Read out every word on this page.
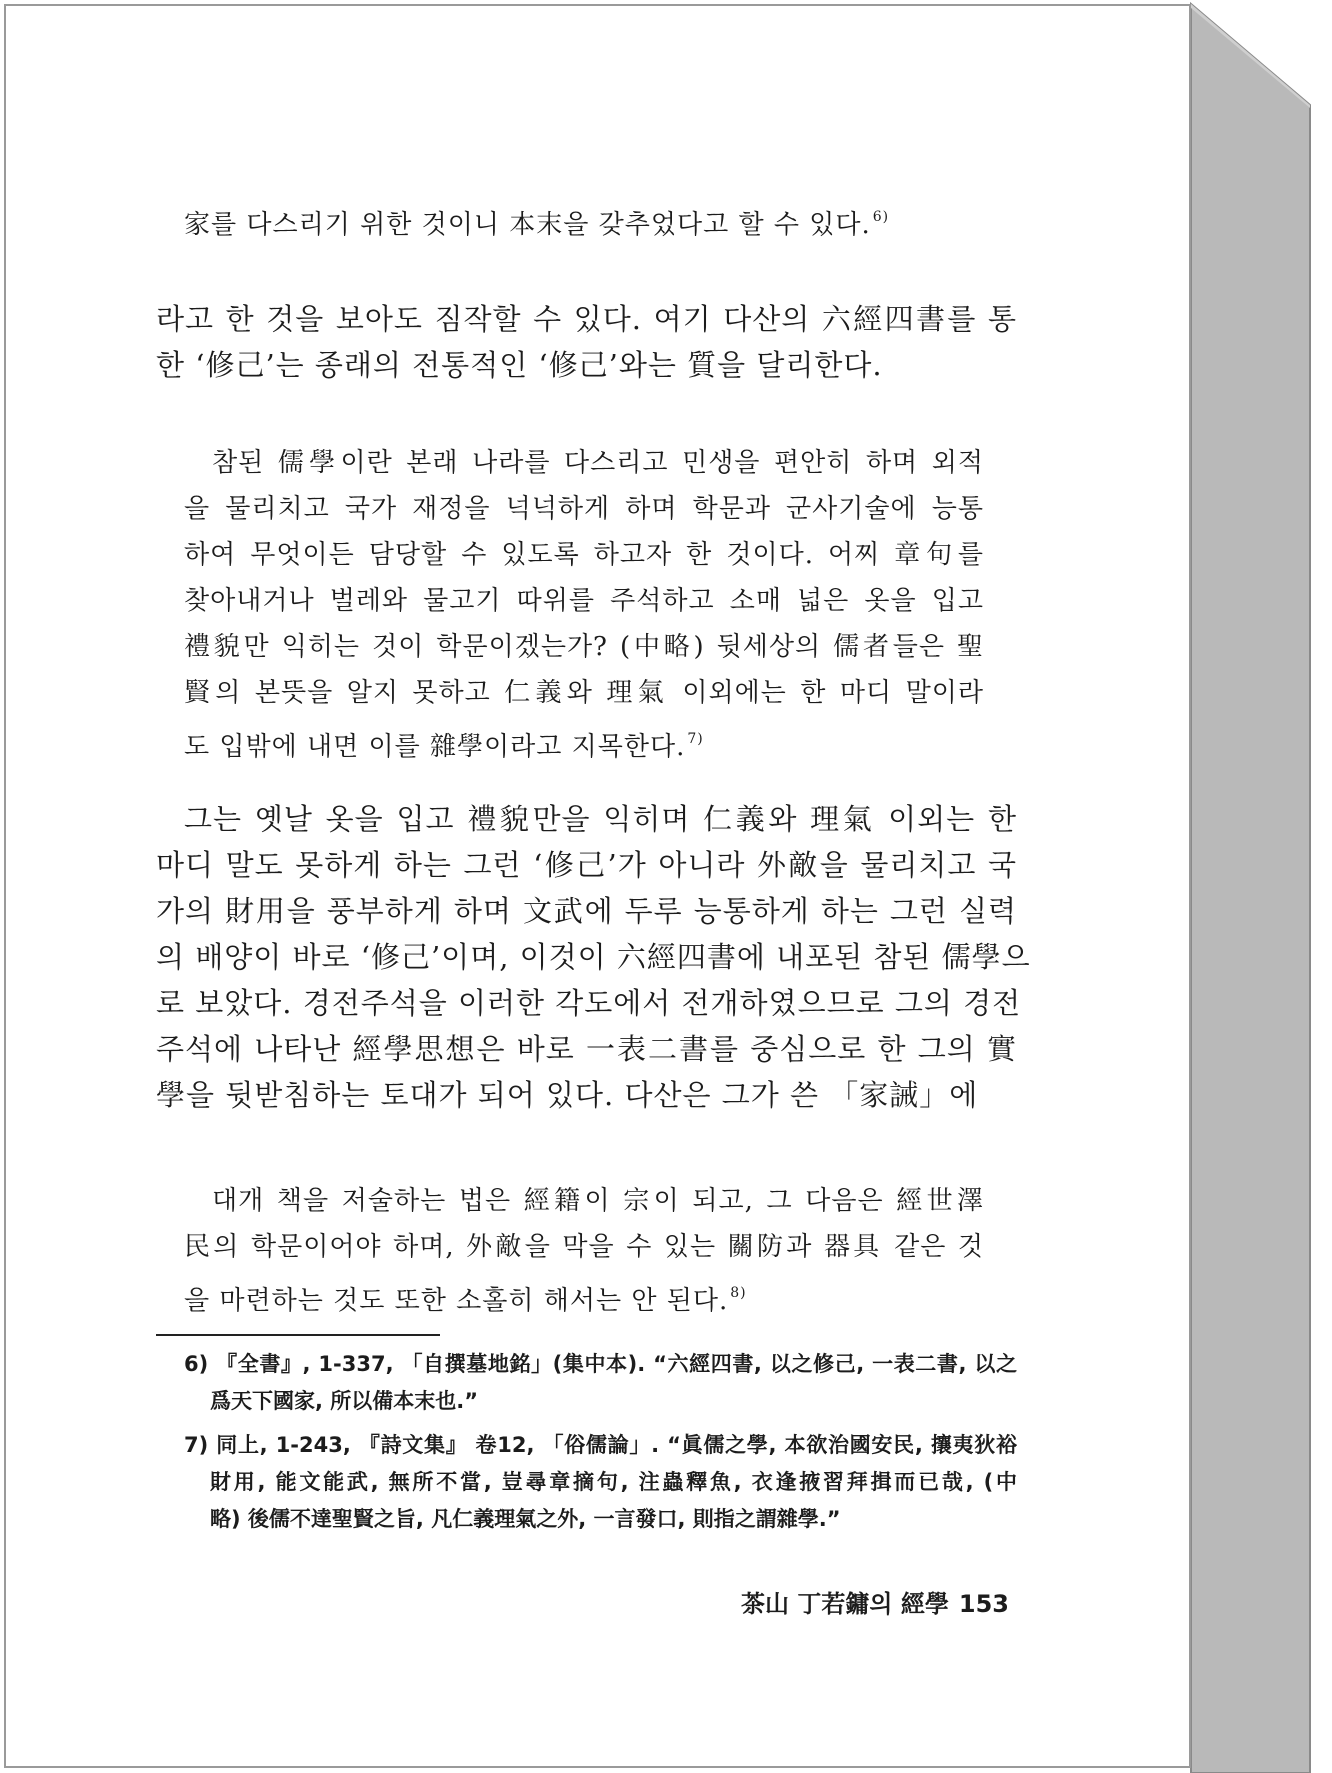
家를 다스리기 위한 것이니 本末을 갖추었다고 할 수 있다. $^{6)}$
라고 한 것을 보아도 짐작할 수 있다. 여기 다산의 六經四書를 통
한 ‘修己’는 종래의 전통적인 ‘修己’와는 質을 달리한다.
참된 儒學이란 본래 나라를 다스리고 민생을 편안히 하며 외적
을 물리치고 국가 재정을 넉넉하게 하며 학문과 군사기술에 능통
하여 무엇이든 담당할 수 있도록 하고자 한 것이다. 어찌 章句를
찾아내거나 벌레와 물고기 따위를 주석하고 소매 넓은 옷을 입고
禮貌만 익히는 것이 학문이겠는가? (中略) 뒷세상의 儒者들은 聖
賢의 본뜻을 알지 못하고 仁義와 理氣 이외에는 한 마디 말이라
도 입밖에 내면 이를 雜學이라고 지목한다. $^{7)}$
그는 옛날 옷을 입고 禮貌만을 익히며 仁義와 理氣 이외는 한
마디 말도 못하게 하는 그런 ‘修己’가 아니라 外敵을 물리치고 국
가의 財用을 풍부하게 하며 文武에 두루 능통하게 하는 그런 실력
의 배양이 바로 ‘修己’이며, 이것이 六經四書에 내포된 참된 儒學으
로 보았다. 경전주석을 이러한 각도에서 전개하였으므로 그의 경전
주석에 나타난 經學思想은 바로 一表二書를 중심으로 한 그의 實
學을 뒷받침하는 토대가 되어 있다. 다산은 그가 쓴 「家誡」에
대개 책을 저술하는 법은 經籍이 宗이 되고, 그 다음은 經世澤
民의 학문이어야 하며, 外敵을 막을 수 있는 關防과 器具 같은 것
을 마련하는 것도 또한 소홀히 해서는 안 된다. $^{8)}$
6) 『全書』, 1-337, 「自撰墓地銘」(集中本). “六經四書, 以之修己, 一表二書, 以之
爲天下國家, 所以備本末也.”
7) 同上, 1-243, 『詩文集』 卷12, 「俗儒論」. “眞儒之學, 本欲治國安民, 攘夷狄裕
財用, 能文能武, 無所不當, 豈尋章摘句, 注蟲釋魚, 衣逢掖習拜揖而已哉, (中
略) 後儒不達聖賢之旨, 凡仁義理氣之外, 一言發口, 則指之謂雜學.”
茶山 丁若鏞의 經學 153
